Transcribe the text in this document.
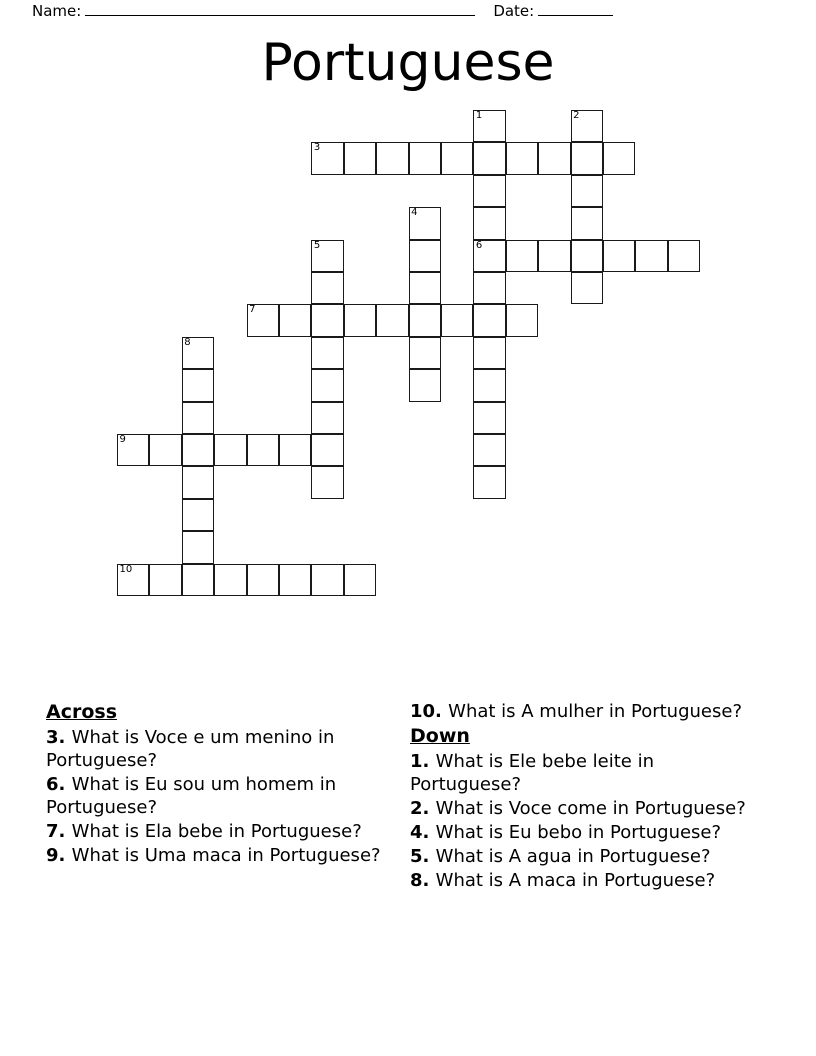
Name:	Date:
Portuguese
1	2
3
4
5	6
7
8
9
10
Across
3. What is Voce e um menino in Portuguese?
6. What is Eu sou um homem in Portuguese?
7. What is Ela bebe in Portuguese?
9. What is Uma maca in Portuguese?
10. What is A mulher in Portuguese?
Down
1. What is Ele bebe leite in Portuguese?
2. What is Voce come in Portuguese?
4. What is Eu bebo in Portuguese?
5. What is A agua in Portuguese?
8. What is A maca in Portuguese?
